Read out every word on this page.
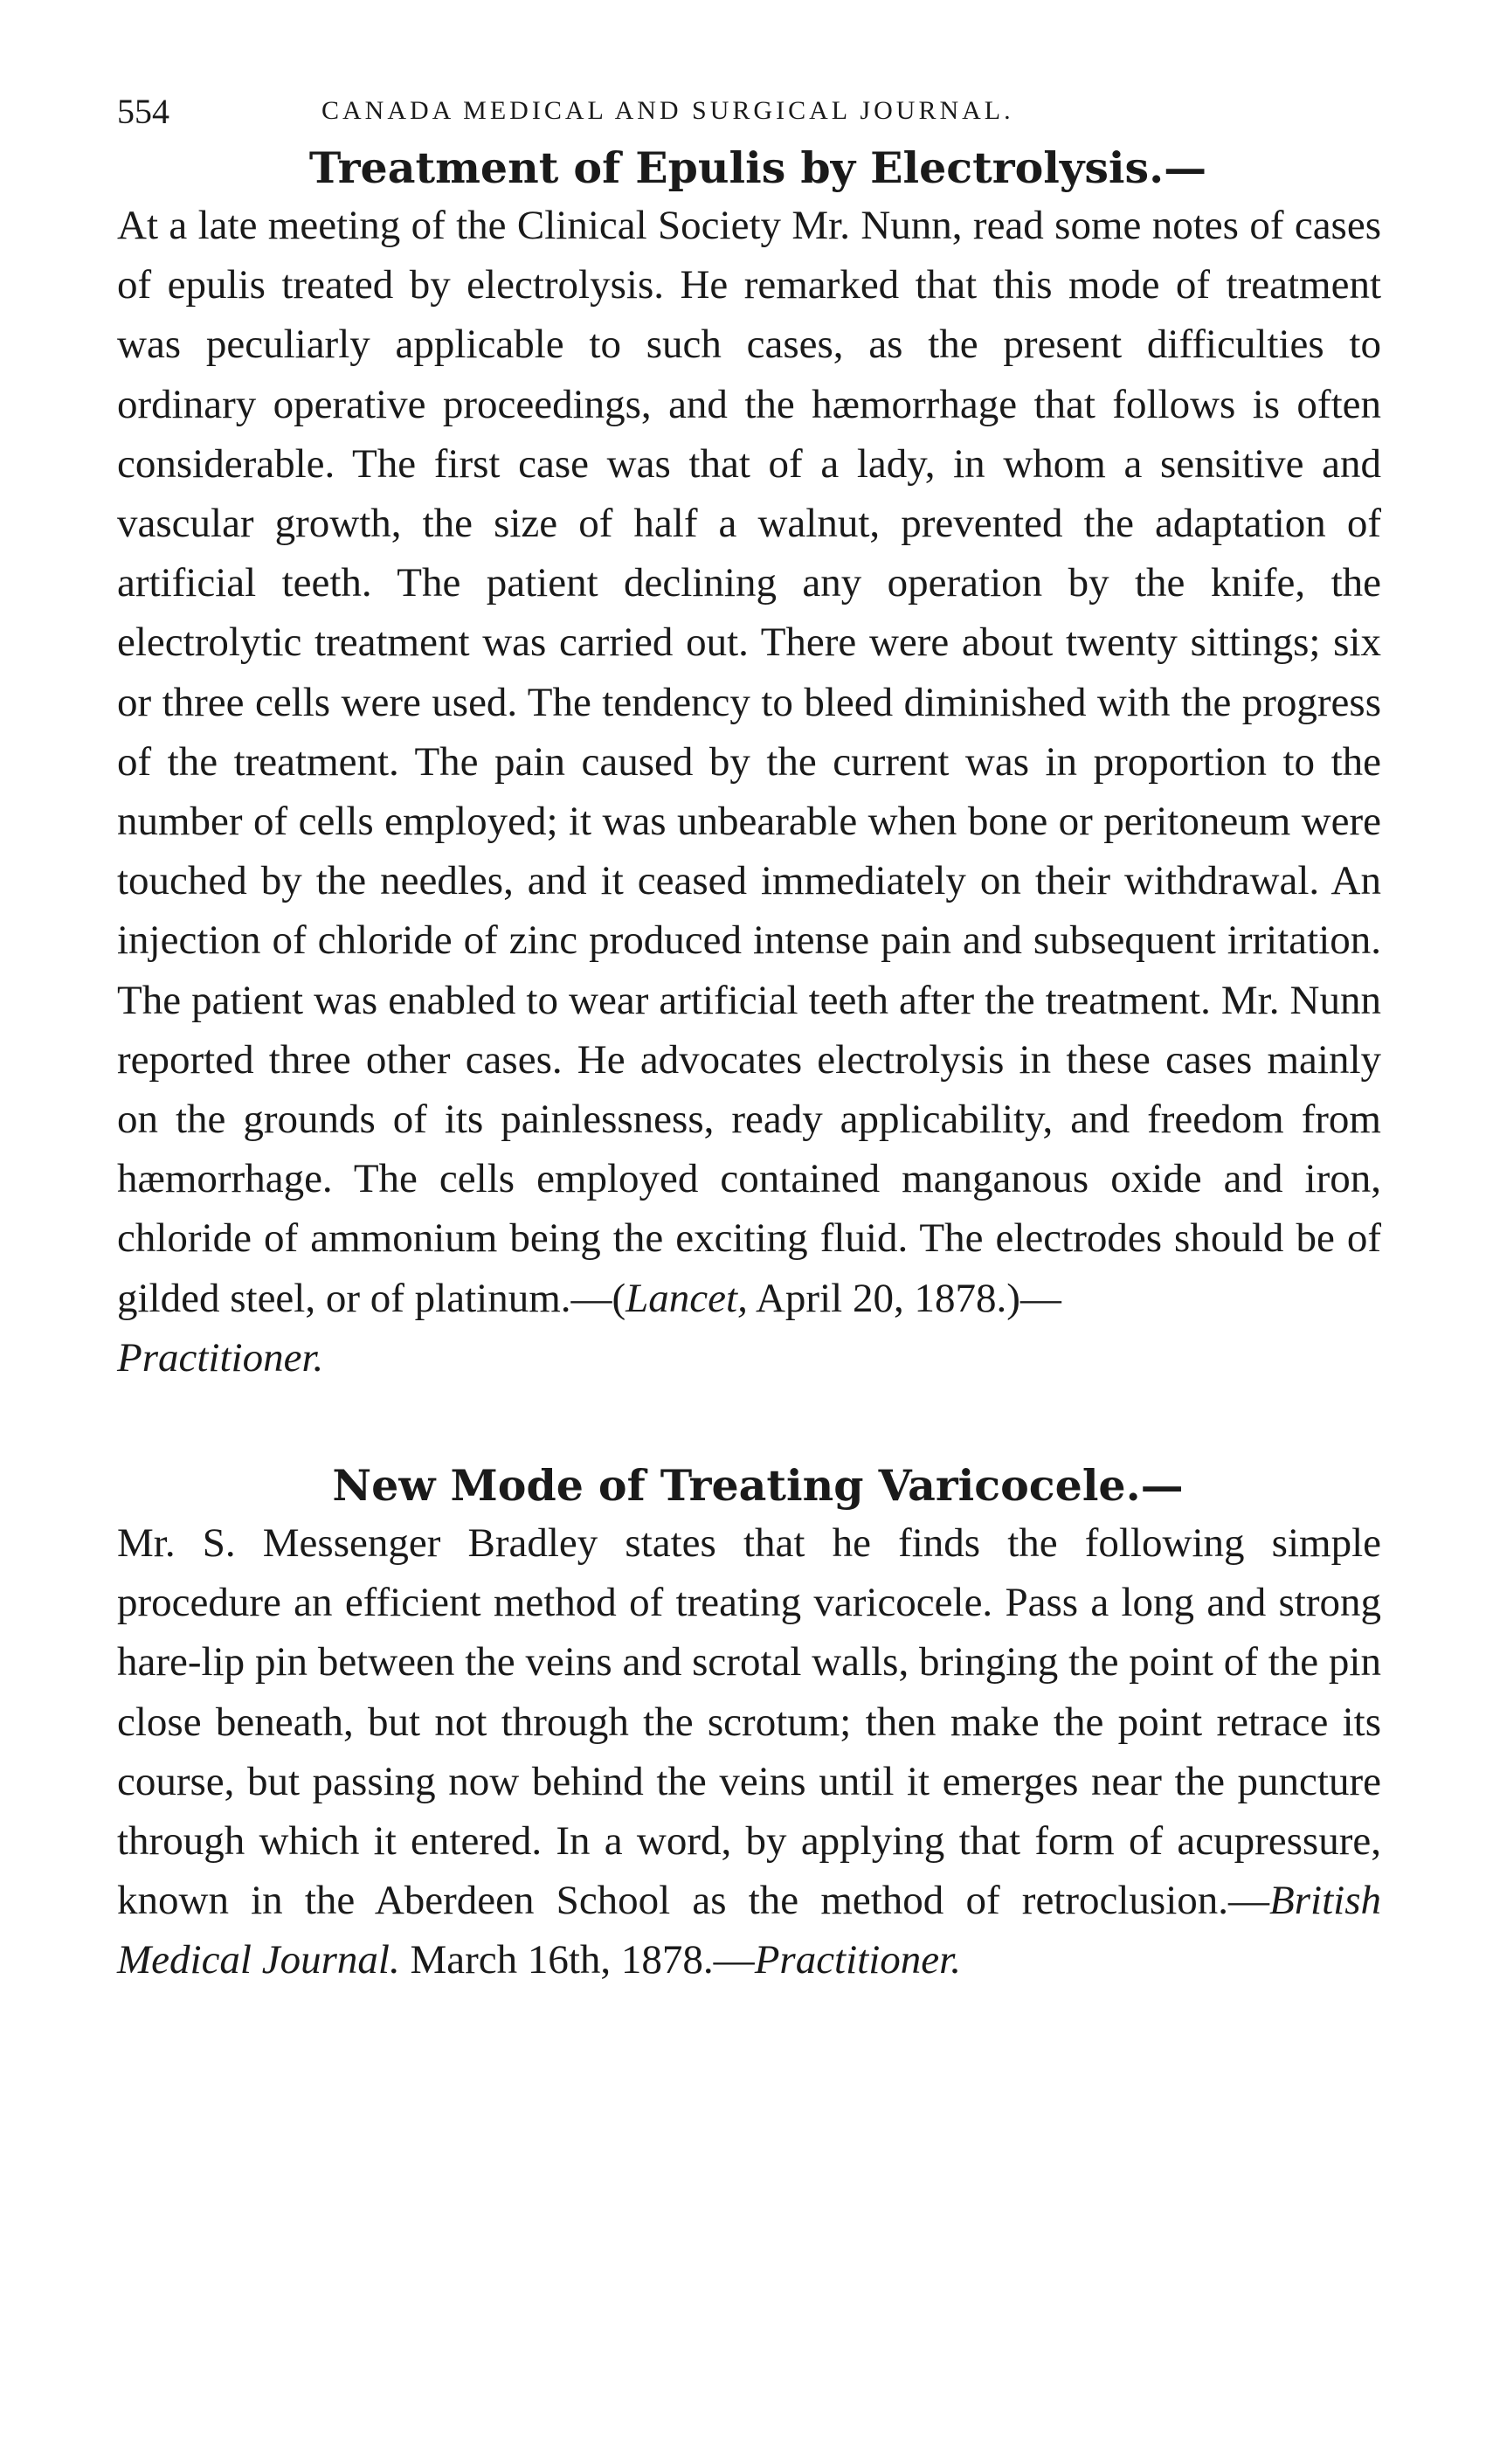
554	CANADA MEDICAL AND SURGICAL JOURNAL.
Treatment of Epulis by Electrolysis.—

At a late meeting of the Clinical Society Mr. Nunn, read some notes of cases of epulis treated by electrolysis. He remarked that this mode of treatment was peculiarly applicable to such cases, as the present difficulties to ordinary operative proceedings, and the hæmorrhage that follows is often considerable. The first case was that of a lady, in whom a sensitive and vascular growth, the size of half a walnut, prevented the adaptation of artificial teeth. The patient declining any operation by the knife, the electrolytic treatment was carried out. There were about twenty sittings; six or three cells were used. The tendency to bleed diminished with the progress of the treatment. The pain caused by the current was in proportion to the number of cells employed; it was unbearable when bone or peritoneum were touched by the needles, and it ceased immediately on their withdrawal. An injection of chloride of zinc produced intense pain and subsequent irritation. The patient was enabled to wear artificial teeth after the treatment. Mr. Nunn reported three other cases. He advocates electrolysis in these cases mainly on the grounds of its painlessness, ready applicability, and freedom from hæmorrhage. The cells employed contained manganous oxide and iron, chloride of ammonium being the exciting fluid. The electrodes should be of gilded steel, or of platinum.—(Lancet, April 20, 1878.)—
Practitioner.

New Mode of Treating Varicocele.—

Mr. S. Messenger Bradley states that he finds the following simple procedure an efficient method of treating varicocele. Pass a long and strong hare-lip pin between the veins and scrotal walls, bringing the point of the pin close beneath, but not through the scrotum; then make the point retrace its course, but passing now behind the veins until it emerges near the puncture through which it entered. In a word, by applying that form of acupressure, known in the Aberdeen School as the method of retroclusion.—British Medical Journal. March 16th, 1878.—Practitioner.
